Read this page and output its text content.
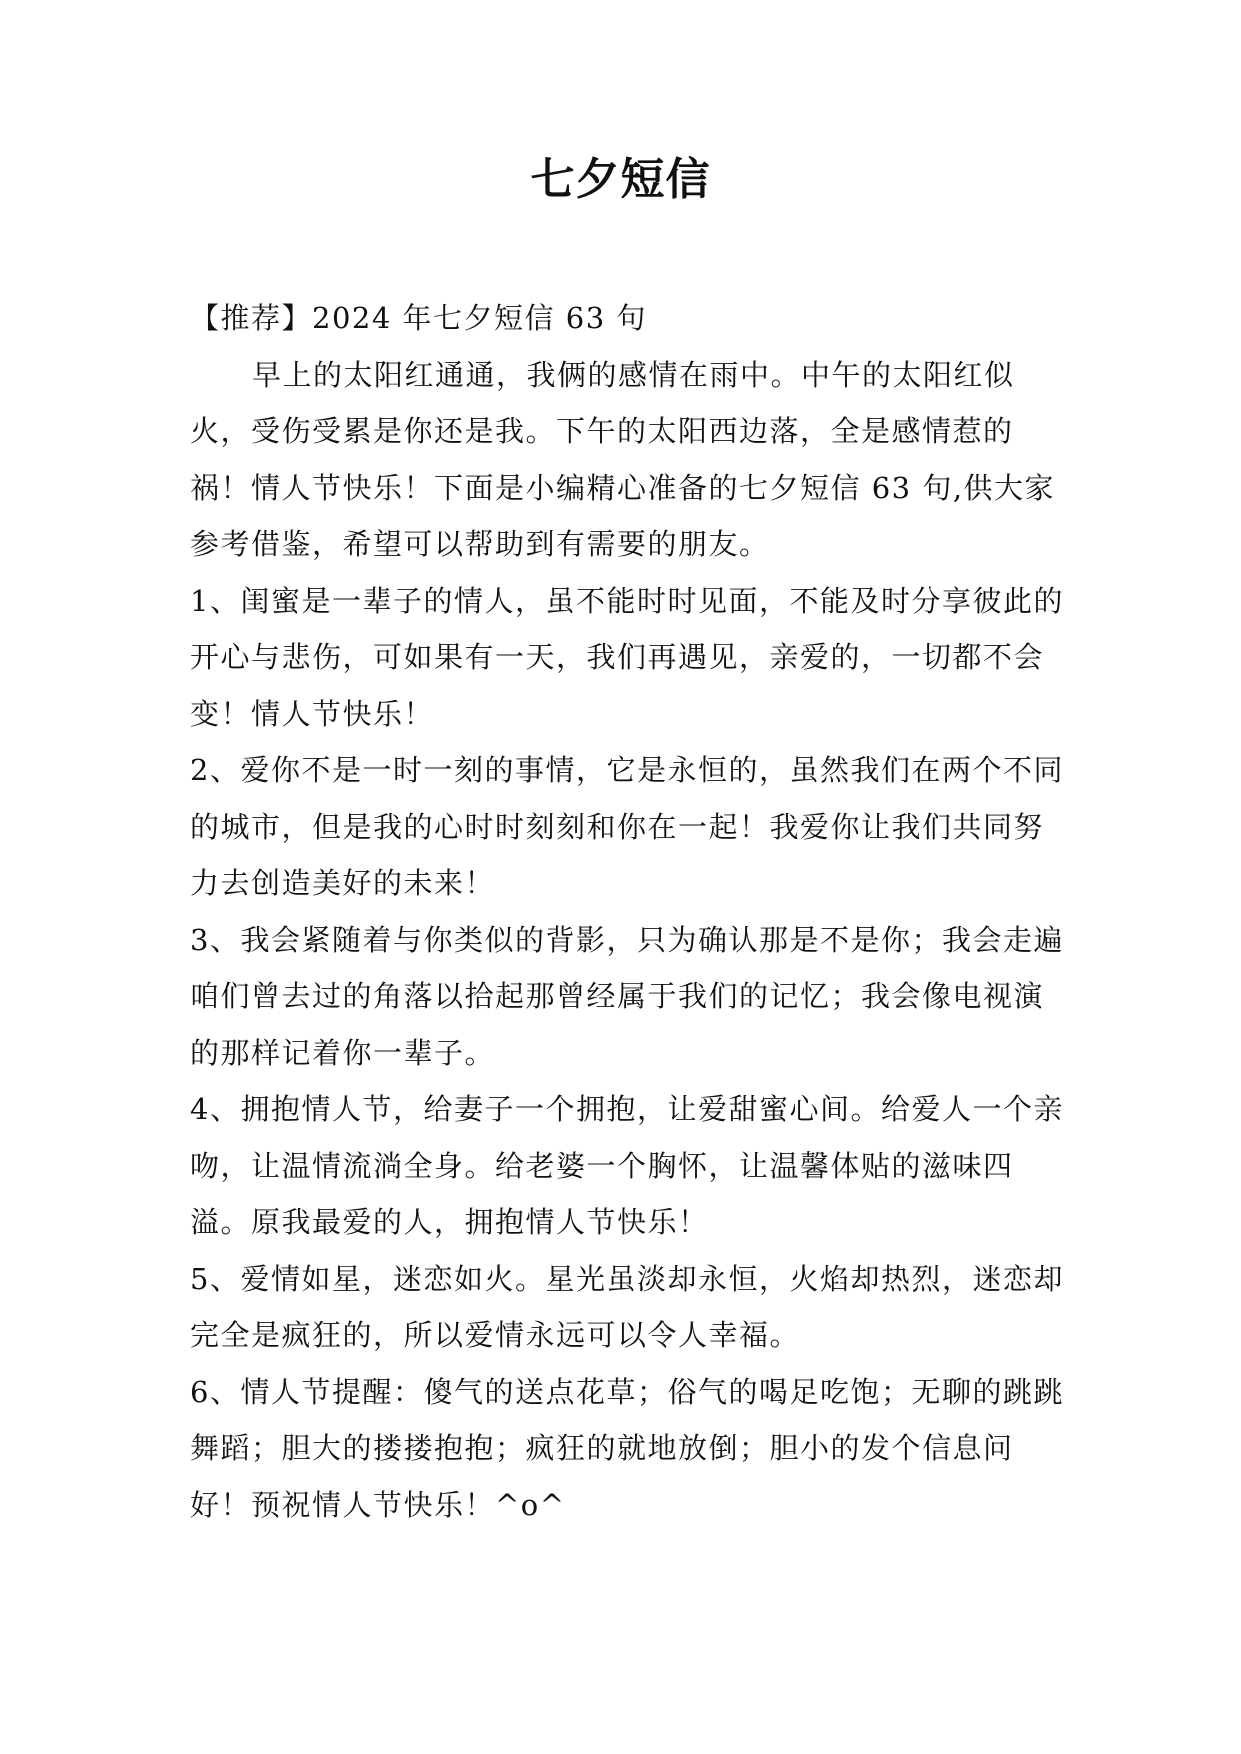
七夕短信

【推荐】2024 年七夕短信 63 句

早上的太阳红通通，我俩的感情在雨中。中午的太阳红似火，受伤受累是你还是我。下午的太阳西边落，全是感情惹的祸！情人节快乐！下面是小编精心准备的七夕短信 63 句,供大家参考借鉴，希望可以帮助到有需要的朋友。

1、闺蜜是一辈子的情人，虽不能时时见面，不能及时分享彼此的开心与悲伤，可如果有一天，我们再遇见，亲爱的，一切都不会变！情人节快乐！

2、爱你不是一时一刻的事情，它是永恒的，虽然我们在两个不同的城市，但是我的心时时刻刻和你在一起！我爱你让我们共同努力去创造美好的未来！

3、我会紧随着与你类似的背影，只为确认那是不是你；我会走遍咱们曾去过的角落以拾起那曾经属于我们的记忆；我会像电视演的那样记着你一辈子。

4、拥抱情人节，给妻子一个拥抱，让爱甜蜜心间。给爱人一个亲吻，让温情流淌全身。给老婆一个胸怀，让温馨体贴的滋味四溢。原我最爱的人，拥抱情人节快乐！

5、爱情如星，迷恋如火。星光虽淡却永恒，火焰却热烈，迷恋却完全是疯狂的，所以爱情永远可以令人幸福。

6、情人节提醒：傻气的送点花草；俗气的喝足吃饱；无聊的跳跳舞蹈；胆大的搂搂抱抱；疯狂的就地放倒；胆小的发个信息问好！预祝情人节快乐！^o^
